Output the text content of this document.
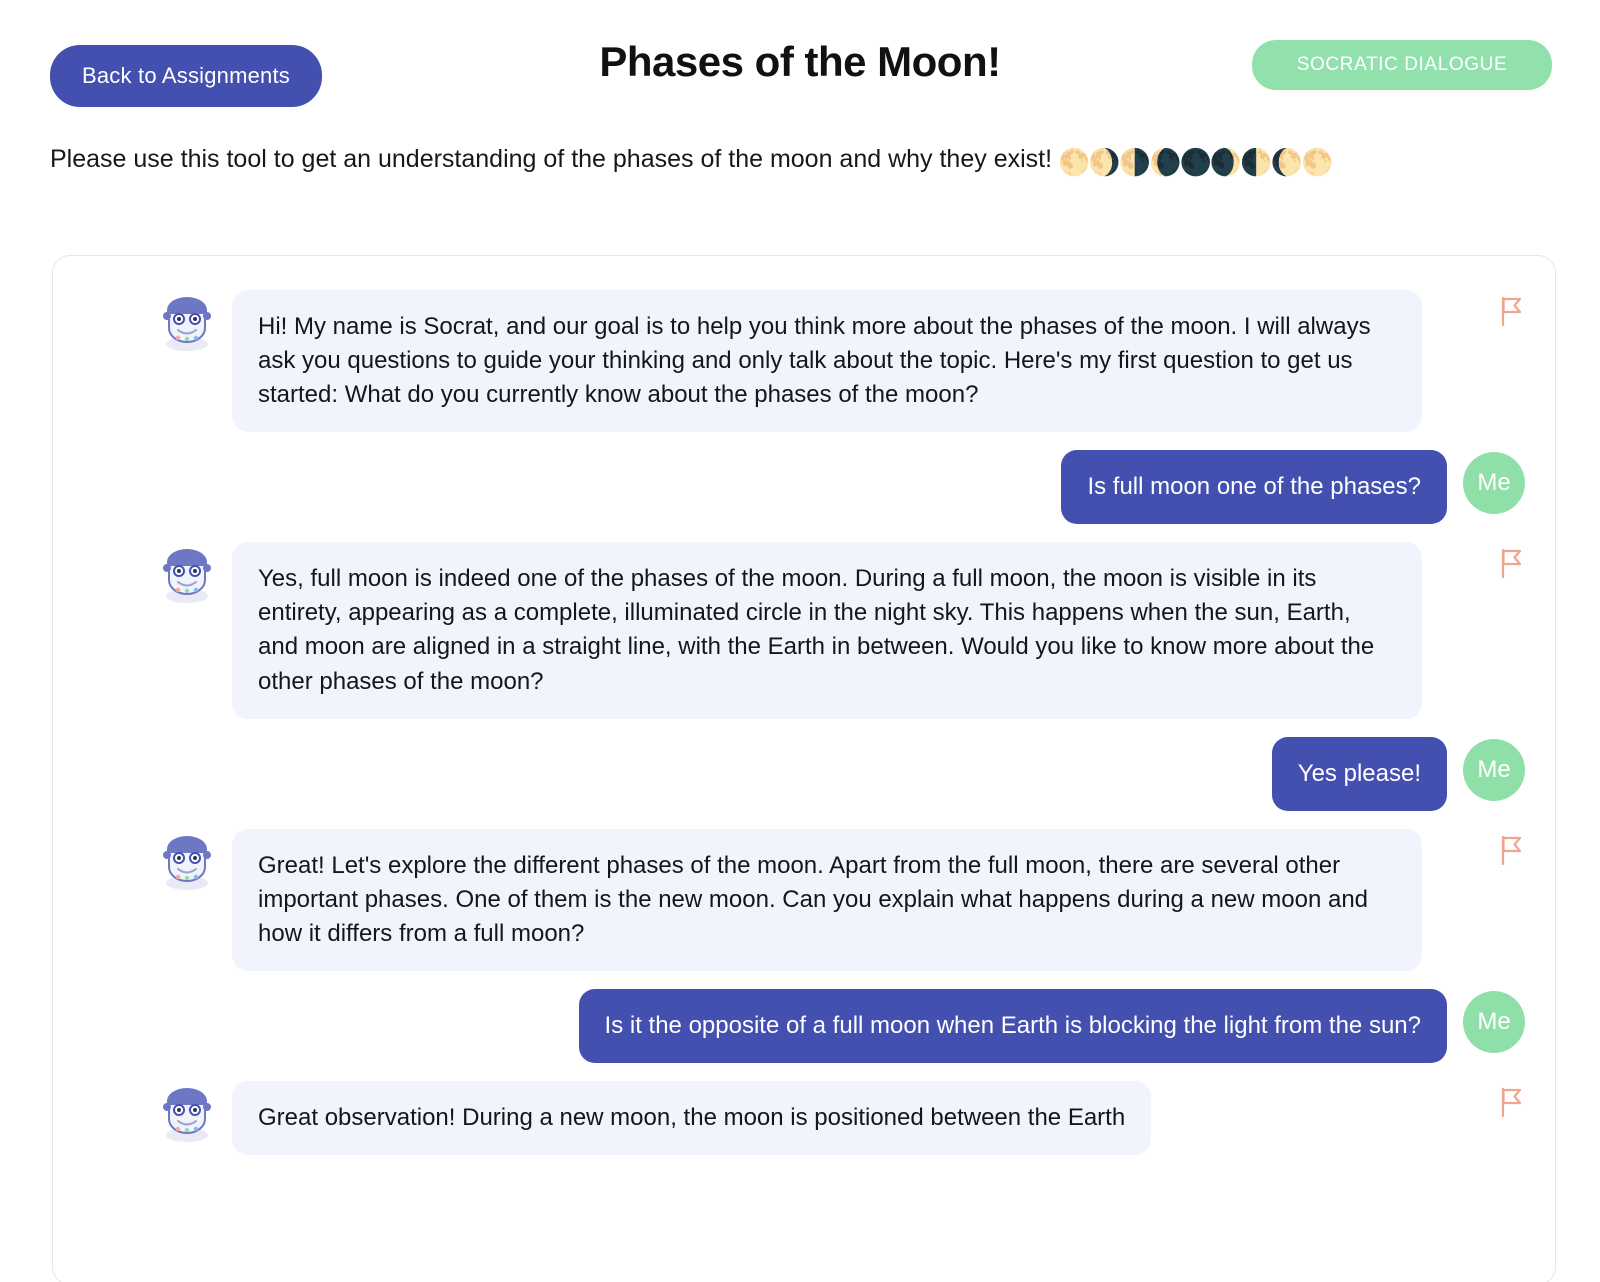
Back to Assignments	Phases of the Moon!	SOCRATIC DIALOGUE
Please use this tool to get an understanding of the phases of the moon and why they exist! 🌕🌖🌗🌘🌑🌒🌓🌔🌕
Hi! My name is Socrat, and our goal is to help you think more about the phases of the moon. I will always ask you questions to guide your thinking and only talk about the topic. Here's my first question to get us started: What do you currently know about the phases of the moon?
Is full moon one of the phases?	Me
Yes, full moon is indeed one of the phases of the moon. During a full moon, the moon is visible in its entirety, appearing as a complete, illuminated circle in the night sky. This happens when the sun, Earth, and moon are aligned in a straight line, with the Earth in between. Would you like to know more about the other phases of the moon?
Yes please!	Me
Great! Let's explore the different phases of the moon. Apart from the full moon, there are several other important phases. One of them is the new moon. Can you explain what happens during a new moon and how it differs from a full moon?
Is it the opposite of a full moon when Earth is blocking the light from the sun?	Me
Great observation! During a new moon, the moon is positioned between the Earth
